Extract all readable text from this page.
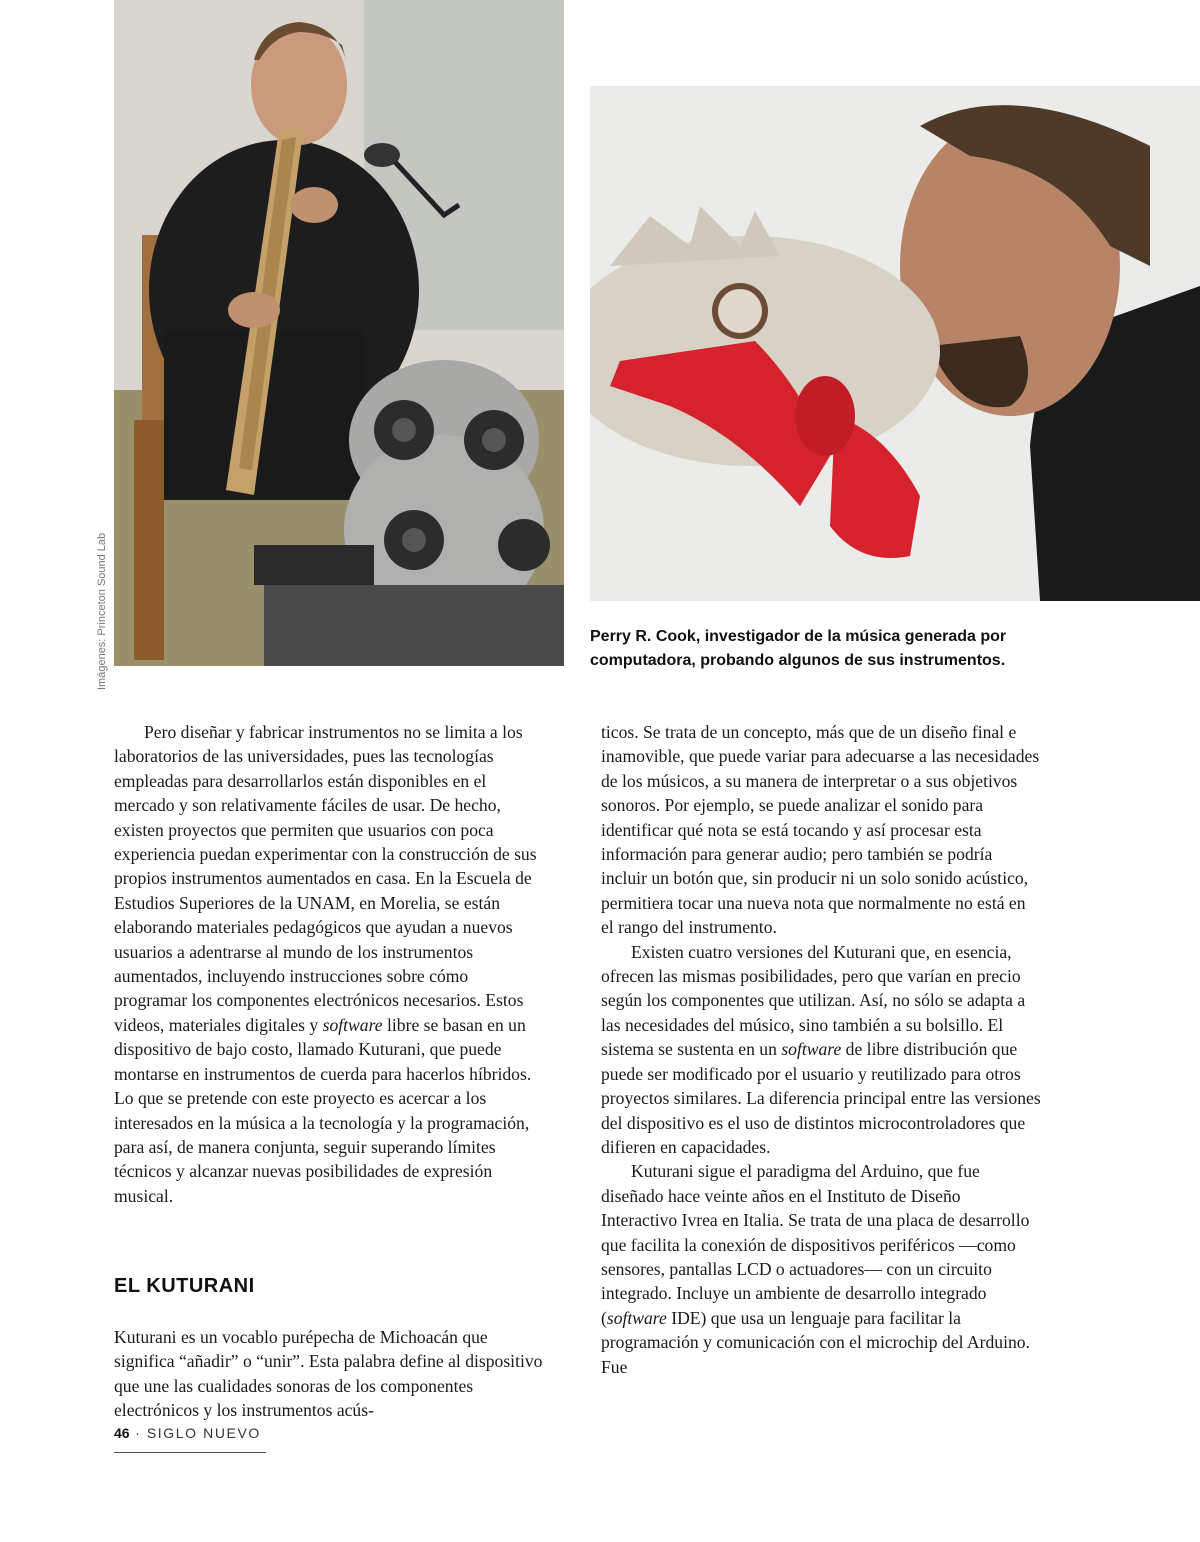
Imágenes: Princeton Sound Lab	Perry R. Cook, investigador de la música generada por computadora, probando algunos de sus instrumentos.

Pero diseñar y fabricar instrumentos no se limita a los laboratorios de las universidades, pues las tecnologías empleadas para desarrollarlos están disponibles en el mercado y son relativamente fáciles de usar. De hecho, existen proyectos que permiten que usuarios con poca experiencia puedan experimentar con la construcción de sus propios instrumentos aumentados en casa. En la Escuela de Estudios Superiores de la UNAM, en Morelia, se están elaborando materiales pedagógicos que ayudan a nuevos usuarios a adentrarse al mundo de los instrumentos aumentados, incluyendo instrucciones sobre cómo programar los componentes electrónicos necesarios. Estos videos, materiales digitales y software libre se basan en un dispositivo de bajo costo, llamado Kuturani, que puede montarse en instrumentos de cuerda para hacerlos híbridos. Lo que se pretende con este proyecto es acercar a los interesados en la música a la tecnología y la programación, para así, de manera conjunta, seguir superando límites técnicos y alcanzar nuevas posibilidades de expresión musical.

EL KUTURANI

Kuturani es un vocablo purépecha de Michoacán que significa “añadir” o “unir”. Esta palabra define al dispositivo que une las cualidades sonoras de los componentes electrónicos y los instrumentos acús-

ticos. Se trata de un concepto, más que de un diseño final e inamovible, que puede variar para adecuarse a las necesidades de los músicos, a su manera de interpretar o a sus objetivos sonoros. Por ejemplo, se puede analizar el sonido para identificar qué nota se está tocando y así procesar esta información para generar audio; pero también se podría incluir un botón que, sin producir ni un solo sonido acústico, permitiera tocar una nueva nota que normalmente no está en el rango del instrumento.

Existen cuatro versiones del Kuturani que, en esencia, ofrecen las mismas posibilidades, pero que varían en precio según los componentes que utilizan. Así, no sólo se adapta a las necesidades del músico, sino también a su bolsillo. El sistema se sustenta en un software de libre distribución que puede ser modificado por el usuario y reutilizado para otros proyectos similares. La diferencia principal entre las versiones del dispositivo es el uso de distintos microcontroladores que difieren en capacidades.

Kuturani sigue el paradigma del Arduino, que fue diseñado hace veinte años en el Instituto de Diseño Interactivo Ivrea en Italia. Se trata de una placa de desarrollo que facilita la conexión de dispositivos periféricos —como sensores, pantallas LCD o actuadores— con un circuito integrado. Incluye un ambiente de desarrollo integrado (software IDE) que usa un lenguaje para facilitar la programación y comunicación con el microchip del Arduino. Fue

46 · SIGLO NUEVO
